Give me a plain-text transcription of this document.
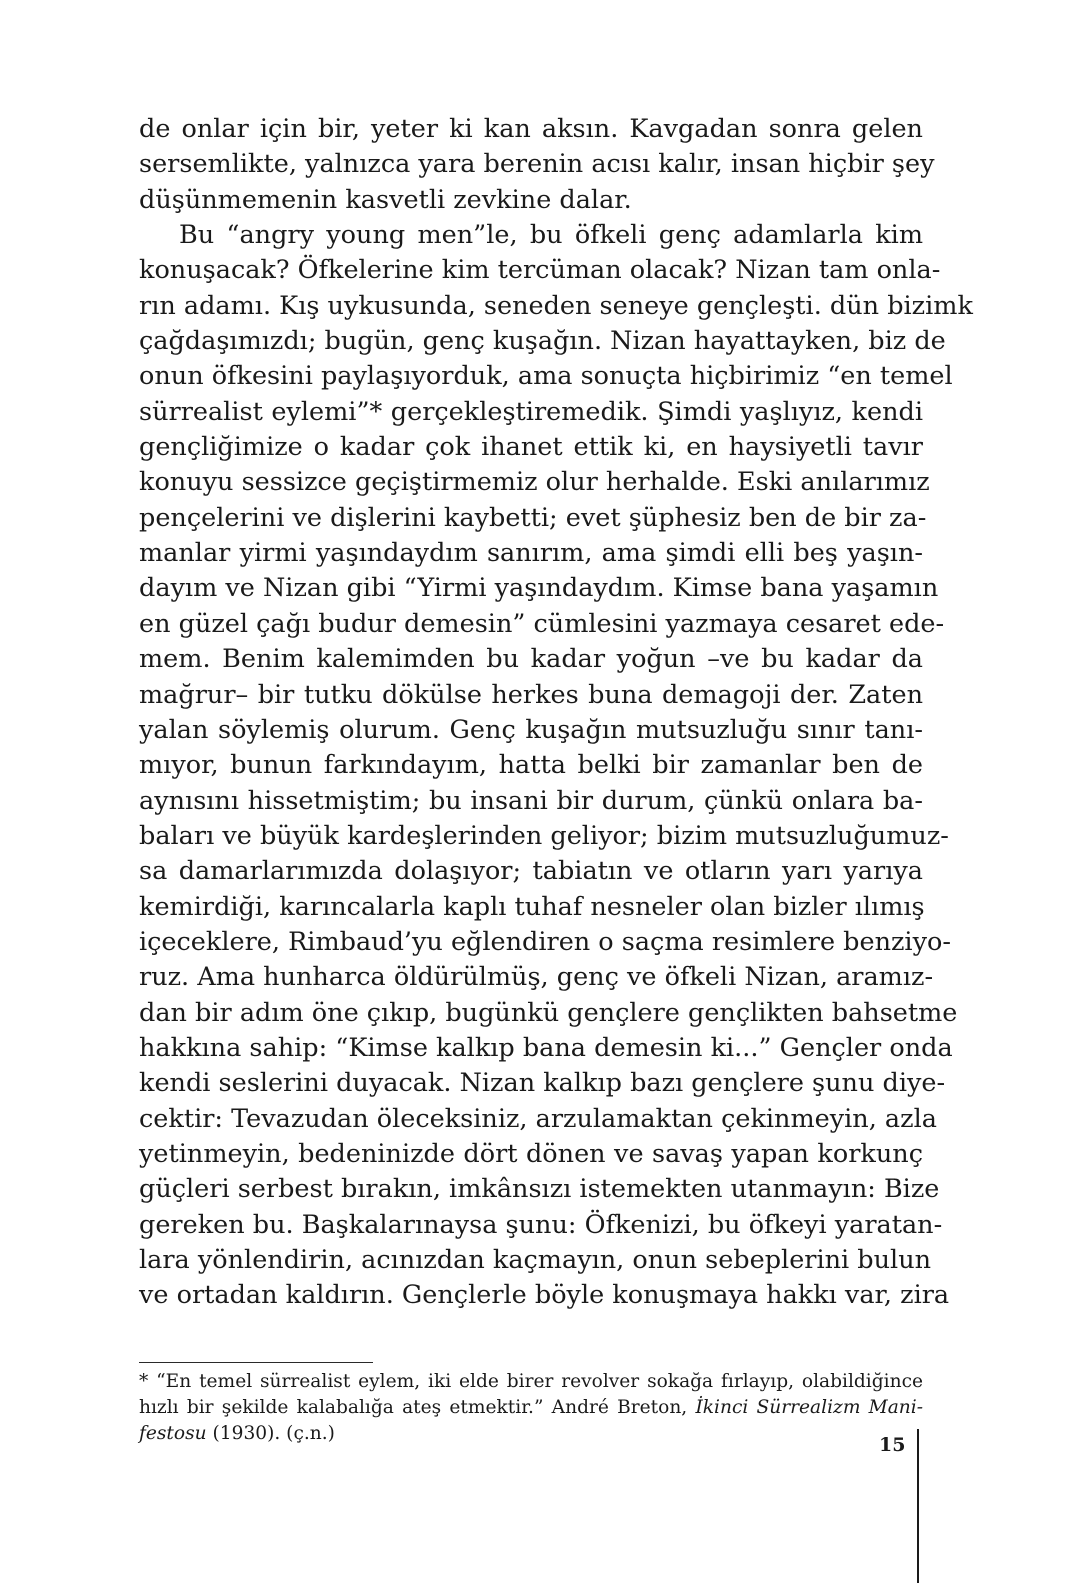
de onlar için bir, yeter ki kan aksın. Kavgadan sonra gelen
sersemlikte, yalnızca yara berenin acısı kalır, insan hiçbir şey
düşünmemenin kasvetli zevkine dalar.
Bu “angry young men”le, bu öfkeli genç adamlarla kim
konuşacak? Öfkelerine kim tercüman olacak? Nizan tam onla-
rın adamı. Kış uykusunda, seneden seneye gençleşti. dün bizimk
çağdaşımızdı; bugün, genç kuşağın. Nizan hayattayken, biz de
onun öfkesini paylaşıyorduk, ama sonuçta hiçbirimiz “en temel
sürrealist eylemi”* gerçekleştiremedik. Şimdi yaşlıyız, kendi
gençliğimize o kadar çok ihanet ettik ki, en haysiyetli tavır
konuyu sessizce geçiştirmemiz olur herhalde. Eski anılarımız
pençelerini ve dişlerini kaybetti; evet şüphesiz ben de bir za-
manlar yirmi yaşındaydım sanırım, ama şimdi elli beş yaşın-
dayım ve Nizan gibi “Yirmi yaşındaydım. Kimse bana yaşamın
en güzel çağı budur demesin” cümlesini yazmaya cesaret ede-
mem. Benim kalemimden bu kadar yoğun –ve bu kadar da
mağrur– bir tutku dökülse herkes buna demagoji der. Zaten
yalan söylemiş olurum. Genç kuşağın mutsuzluğu sınır tanı-
mıyor, bunun farkındayım, hatta belki bir zamanlar ben de
aynısını hissetmiştim; bu insani bir durum, çünkü onlara ba-
baları ve büyük kardeşlerinden geliyor; bizim mutsuzluğumuz-
sa damarlarımızda dolaşıyor; tabiatın ve otların yarı yarıya
kemirdiği, karıncalarla kaplı tuhaf nesneler olan bizler ılımış
içeceklere, Rimbaud’yu eğlendiren o saçma resimlere benziyo-
ruz. Ama hunharca öldürülmüş, genç ve öfkeli Nizan, aramız-
dan bir adım öne çıkıp, bugünkü gençlere gençlikten bahsetme
hakkına sahip: “Kimse kalkıp bana demesin ki...” Gençler onda
kendi seslerini duyacak. Nizan kalkıp bazı gençlere şunu diye-
cektir: Tevazudan öleceksiniz, arzulamaktan çekinmeyin, azla
yetinmeyin, bedeninizde dört dönen ve savaş yapan korkunç
güçleri serbest bırakın, imkânsızı istemekten utanmayın: Bize
gereken bu. Başkalarınaysa şunu: Öfkenizi, bu öfkeyi yaratan-
lara yönlendirin, acınızdan kaçmayın, onun sebeplerini bulun
ve ortadan kaldırın. Gençlerle böyle konuşmaya hakkı var, zira
* “En temel sürrealist eylem, iki elde birer revolver sokağa fırlayıp, olabildiğince
hızlı bir şekilde kalabalığa ateş etmektir.” André Breton, İkinci Sürrealizm Mani-
festosu (1930). (ç.n.)
15
